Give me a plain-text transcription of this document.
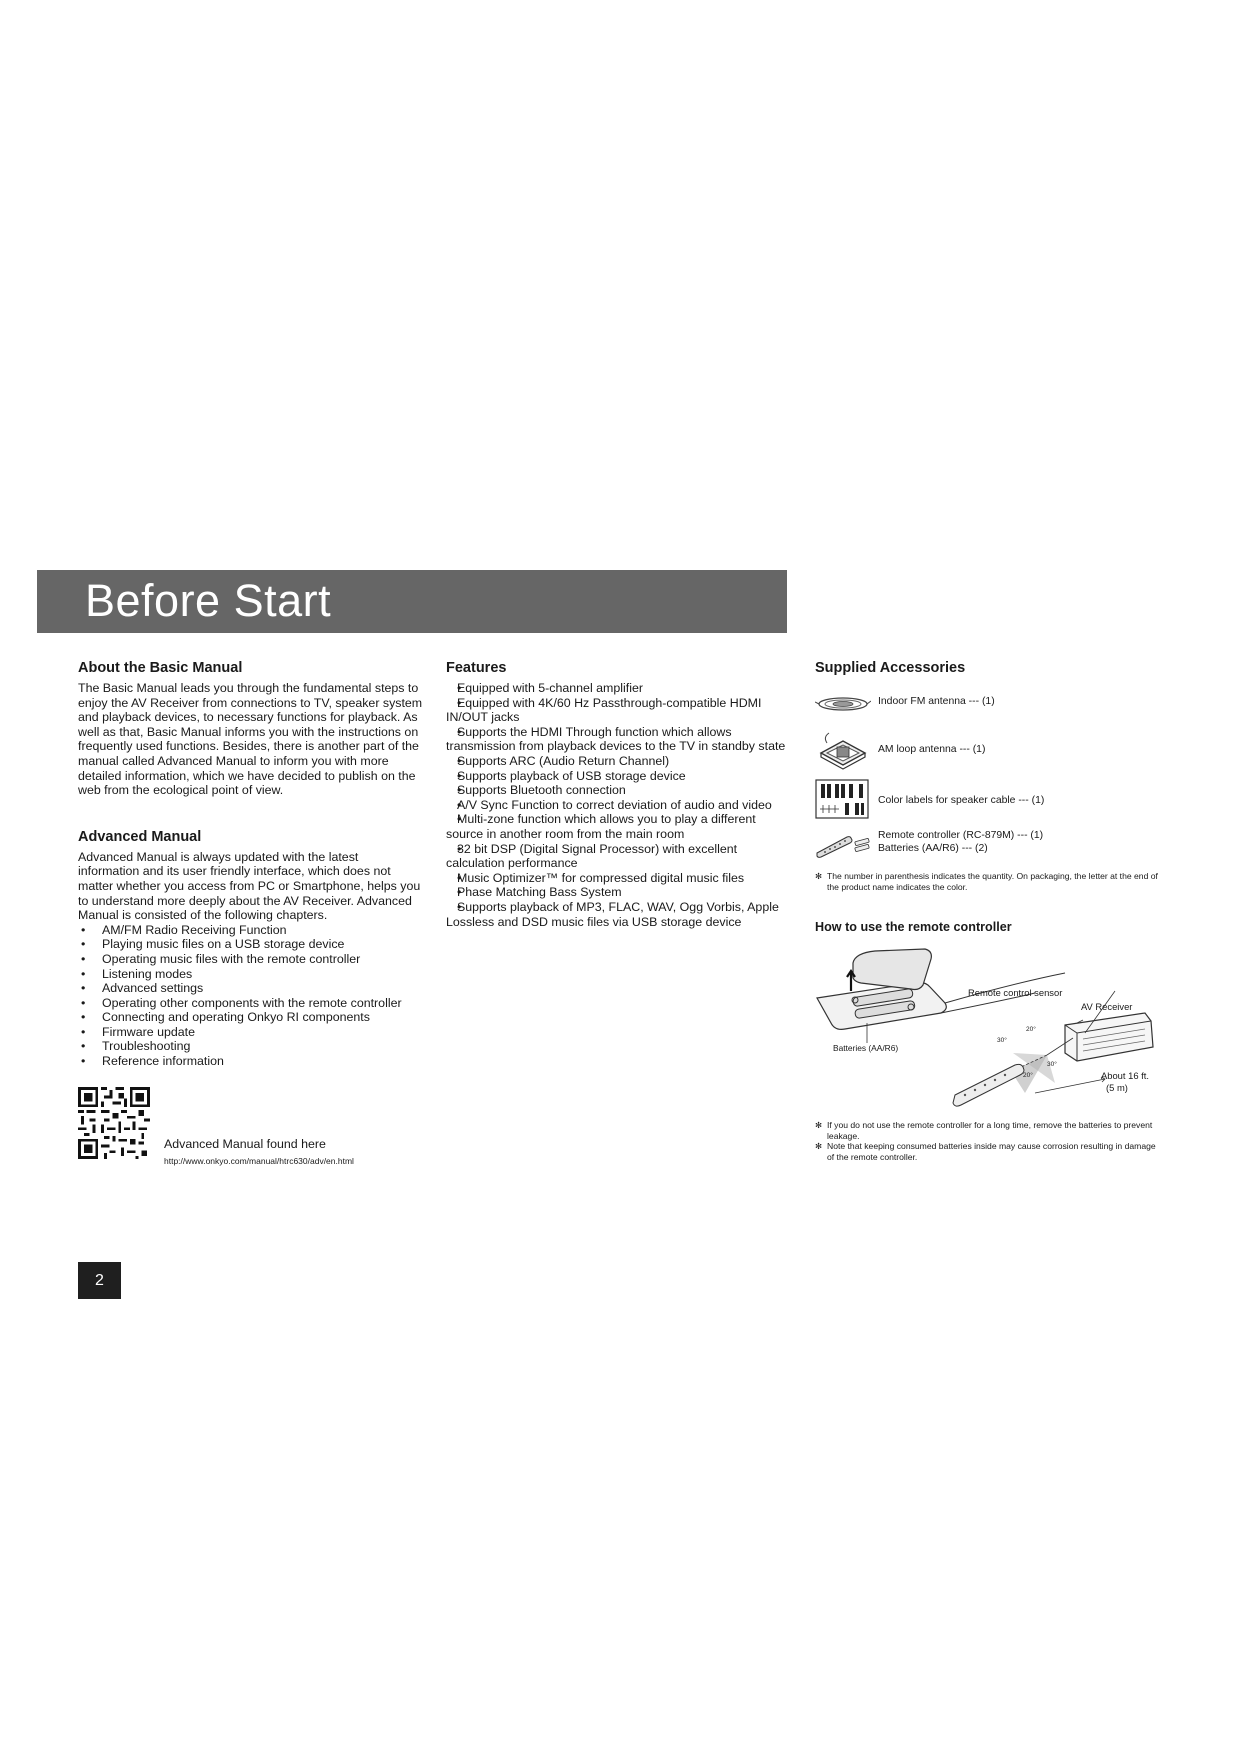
Before Start
About the Basic Manual

The Basic Manual leads you through the fundamental steps to enjoy the AV Receiver from connections to TV, speaker system and playback devices, to necessary functions for playback. As well as that, Basic Manual informs you with the instructions on frequently used functions. Besides, there is another part of the manual called Advanced Manual to inform you with more detailed information, which we have decided to publish on the web from the ecological point of view.

Advanced Manual

Advanced Manual is always updated with the latest information and its user friendly interface, which does not matter whether you access from PC or Smartphone, helps you to understand more deeply about the AV Receiver. Advanced Manual is consisted of the following chapters.

• AM/FM Radio Receiving Function
• Playing music files on a USB storage device
• Operating music files with the remote controller
• Listening modes
• Advanced settings
• Operating other components with the remote controller
• Connecting and operating Onkyo RI components
• Firmware update
• Troubleshooting
• Reference information
Advanced Manual found here
http://www.onkyo.com/manual/htrc630/adv/en.html
Features
• Equipped with 5-channel amplifier
• Equipped with 4K/60 Hz Passthrough-compatible HDMI IN/OUT jacks
• Supports the HDMI Through function which allows transmission from playback devices to the TV in standby state
• Supports ARC (Audio Return Channel)
• Supports playback of USB storage device
• Supports Bluetooth connection
• A/V Sync Function to correct deviation of audio and video
• Multi-zone function which allows you to play a different source in another room from the main room
• 32 bit DSP (Digital Signal Processor) with excellent calculation performance
• Music Optimizer™ for compressed digital music files
• Phase Matching Bass System
• Supports playback of MP3, FLAC, WAV, Ogg Vorbis, Apple Lossless and DSD music files via USB storage device
Supplied Accessories
Indoor FM antenna --- (1)
AM loop antenna --- (1)
Color labels for speaker cable --- (1)
Remote controller (RC-879M) --- (1)
Batteries (AA/R6) --- (2)
✻ The number in parenthesis indicates the quantity. On packaging, the letter at the end of the product name indicates the color.
How to use the remote controller
Remote control sensor
AV Receiver
Batteries (AA/R6)
20°
30°
30°
20°	About 16 ft.
(5 m)
✻ If you do not use the remote controller for a long time, remove the batteries to prevent leakage.
✻ Note that keeping consumed batteries inside may cause corrosion resulting in damage of the remote controller.
2
